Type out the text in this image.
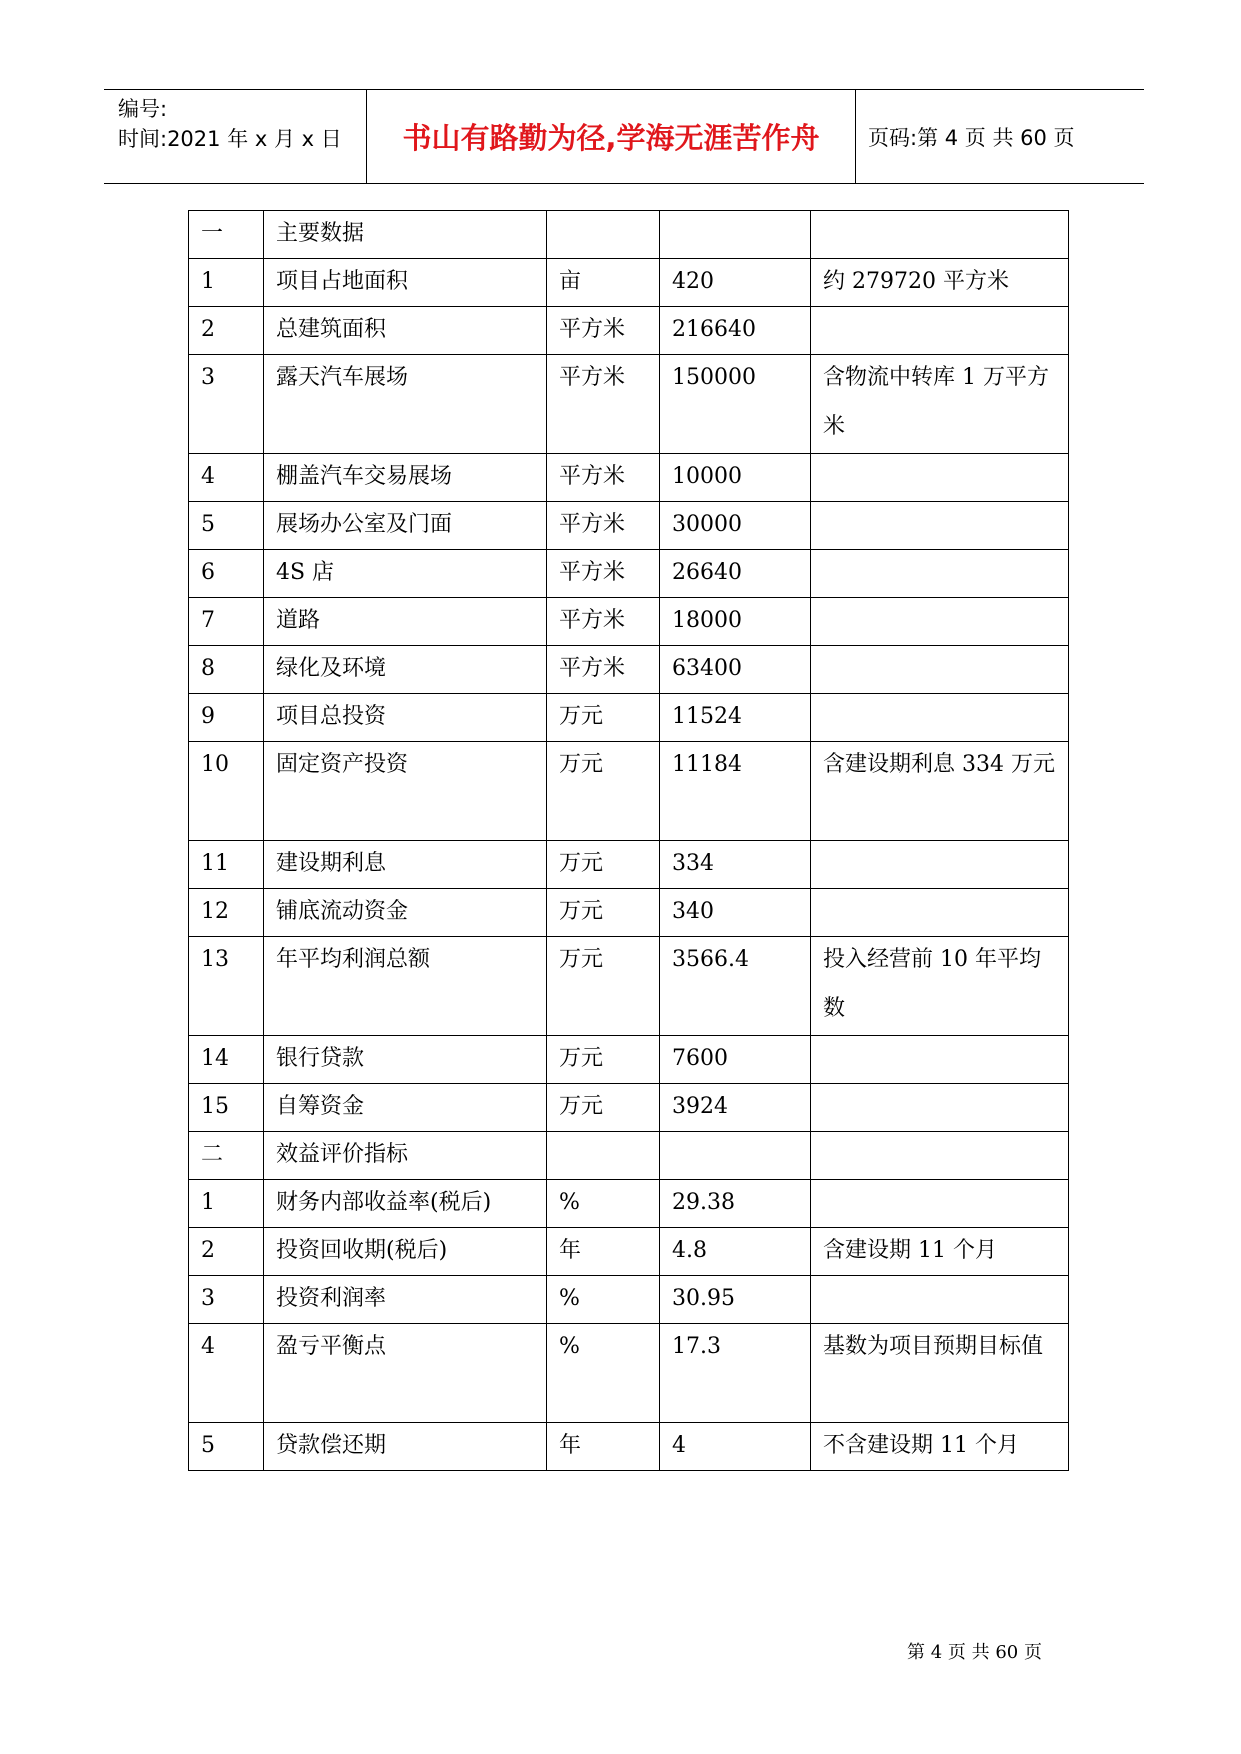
编号:
时间:2021 年 x 月 x 日	书山有路勤为径,学海无涯苦作舟	页码:第 4 页 共 60 页
一	主要数据			

1	项目占地面积	亩	420	约 279720 平方米

2	总建筑面积	平方米	216640	

3	露天汽车展场	平方米	150000	含物流中转库 1 万平方米

4	棚盖汽车交易展场	平方米	10000	

5	展场办公室及门面	平方米	30000	

6	4S 店	平方米	26640	

7	道路	平方米	18000	

8	绿化及环境	平方米	63400	

9	项目总投资	万元	11524	

10	固定资产投资	万元	11184	含建设期利息 334 万元

11	建设期利息	万元	334	

12	铺底流动资金	万元	340	

13	年平均利润总额	万元	3566.4	投入经营前 10 年平均数

14	银行贷款	万元	7600	

15	自筹资金	万元	3924	

二	效益评价指标			

1	财务内部收益率(税后)	%	29.38	

2	投资回收期(税后)	年	4.8	含建设期 11 个月

3	投资利润率	%	30.95	

4	盈亏平衡点	%	17.3	基数为项目预期目标值

5	贷款偿还期	年	4	不含建设期 11 个月
第 4 页 共 60 页
